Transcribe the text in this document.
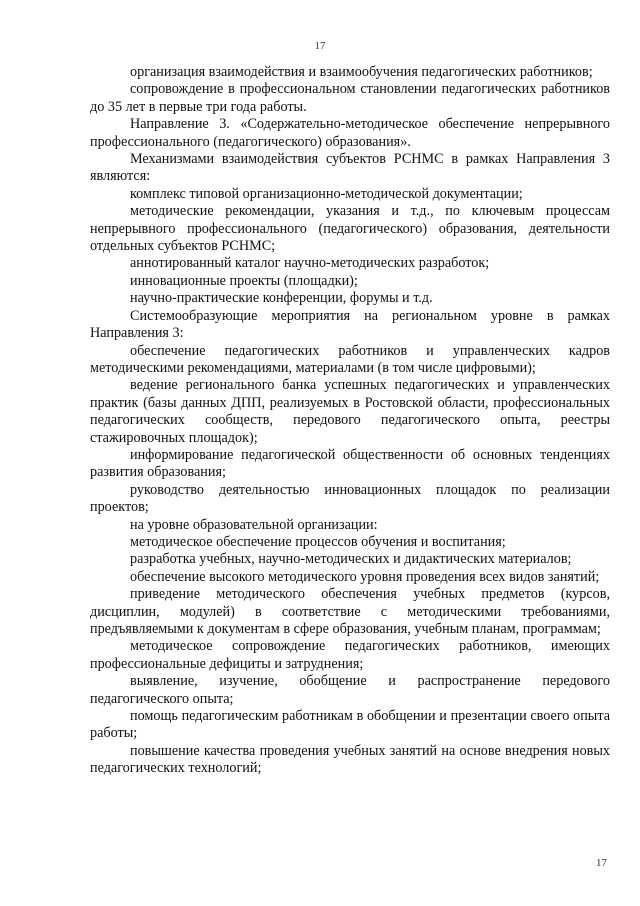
17

организация взаимодействия и взаимообучения педагогических работников;

сопровождение в профессиональном становлении педагогических работников до 35 лет в первые три года работы.

Направление 3. «Содержательно-методическое обеспечение непрерывного профессионального (педагогического) образования».

Механизмами взаимодействия субъектов РСНМС в рамках Направления 3 являются:

комплекс типовой организационно-методической документации;

методические рекомендации, указания и т.д., по ключевым процессам непрерывного профессионального (педагогического) образования, деятельности отдельных субъектов РСНМС;

аннотированный каталог научно-методических разработок;

инновационные проекты (площадки);

научно-практические конференции, форумы и т.д.

Системообразующие мероприятия на региональном уровне в рамках Направления 3:

обеспечение педагогических работников и управленческих кадров методическими рекомендациями, материалами (в том числе цифровыми);

ведение регионального банка успешных педагогических и управленческих практик (базы данных ДПП, реализуемых в Ростовской области, профессиональных педагогических сообществ, передового педагогического опыта, реестры стажировочных площадок);

информирование педагогической общественности об основных тенденциях развития образования;

руководство деятельностью инновационных площадок по реализации проектов;

на уровне образовательной организации:

методическое обеспечение процессов обучения и воспитания;

разработка учебных, научно-методических и дидактических материалов;

обеспечение высокого методического уровня проведения всех видов занятий;

приведение методического обеспечения учебных предметов (курсов, дисциплин, модулей) в соответствие с методическими требованиями, предъявляемыми к документам в сфере образования, учебным планам, программам;

методическое сопровождение педагогических работников, имеющих профессиональные дефициты и затруднения;

выявление, изучение, обобщение и распространение передового педагогического опыта;

помощь педагогическим работникам в обобщении и презентации своего опыта работы;

повышение качества проведения учебных занятий на основе внедрения новых педагогических технологий;

17
